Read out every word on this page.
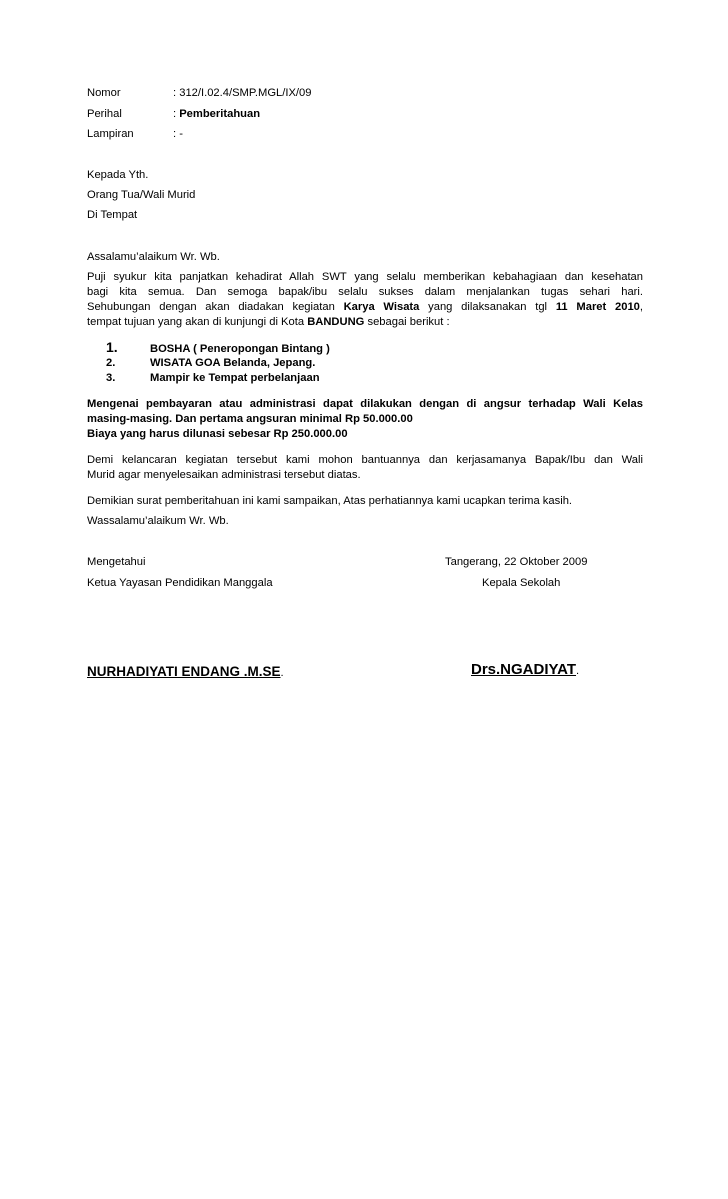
Nomor	: 312/I.02.4/SMP.MGL/IX/09
Perihal	: Pemberitahuan
Lampiran	: -
Kepada Yth.
Orang Tua/Wali Murid
Di Tempat
Assalamu’alaikum Wr. Wb.
Puji syukur kita panjatkan kehadirat Allah SWT yang selalu memberikan kebahagiaan dan kesehatan
bagi kita semua. Dan semoga bapak/ibu selalu sukses dalam menjalankan tugas sehari hari.
Sehubungan dengan akan diadakan kegiatan Karya Wisata yang dilaksanakan tgl 11 Maret 2010,
tempat tujuan yang akan di kunjungi di Kota BANDUNG sebagai berikut :
1.	BOSHA ( Peneropongan Bintang )
2.	WISATA GOA Belanda, Jepang.
3.	Mampir ke Tempat perbelanjaan
Mengenai pembayaran atau administrasi dapat dilakukan dengan di angsur terhadap Wali Kelas
masing-masing. Dan pertama angsuran minimal Rp 50.000.00
Biaya yang harus dilunasi sebesar Rp 250.000.00
Demi kelancaran kegiatan tersebut kami mohon bantuannya dan kerjasamanya Bapak/Ibu dan Wali
Murid agar menyelesaikan administrasi tersebut diatas.
Demikian surat pemberitahuan ini kami sampaikan, Atas perhatiannya kami ucapkan terima kasih.
Wassalamu’alaikum Wr. Wb.
Mengetahui	Tangerang, 22 Oktober 2009
Ketua Yayasan Pendidikan Manggala	Kepala Sekolah
NURHADIYATI ENDANG .M.SE.	Drs.NGADIYAT.
